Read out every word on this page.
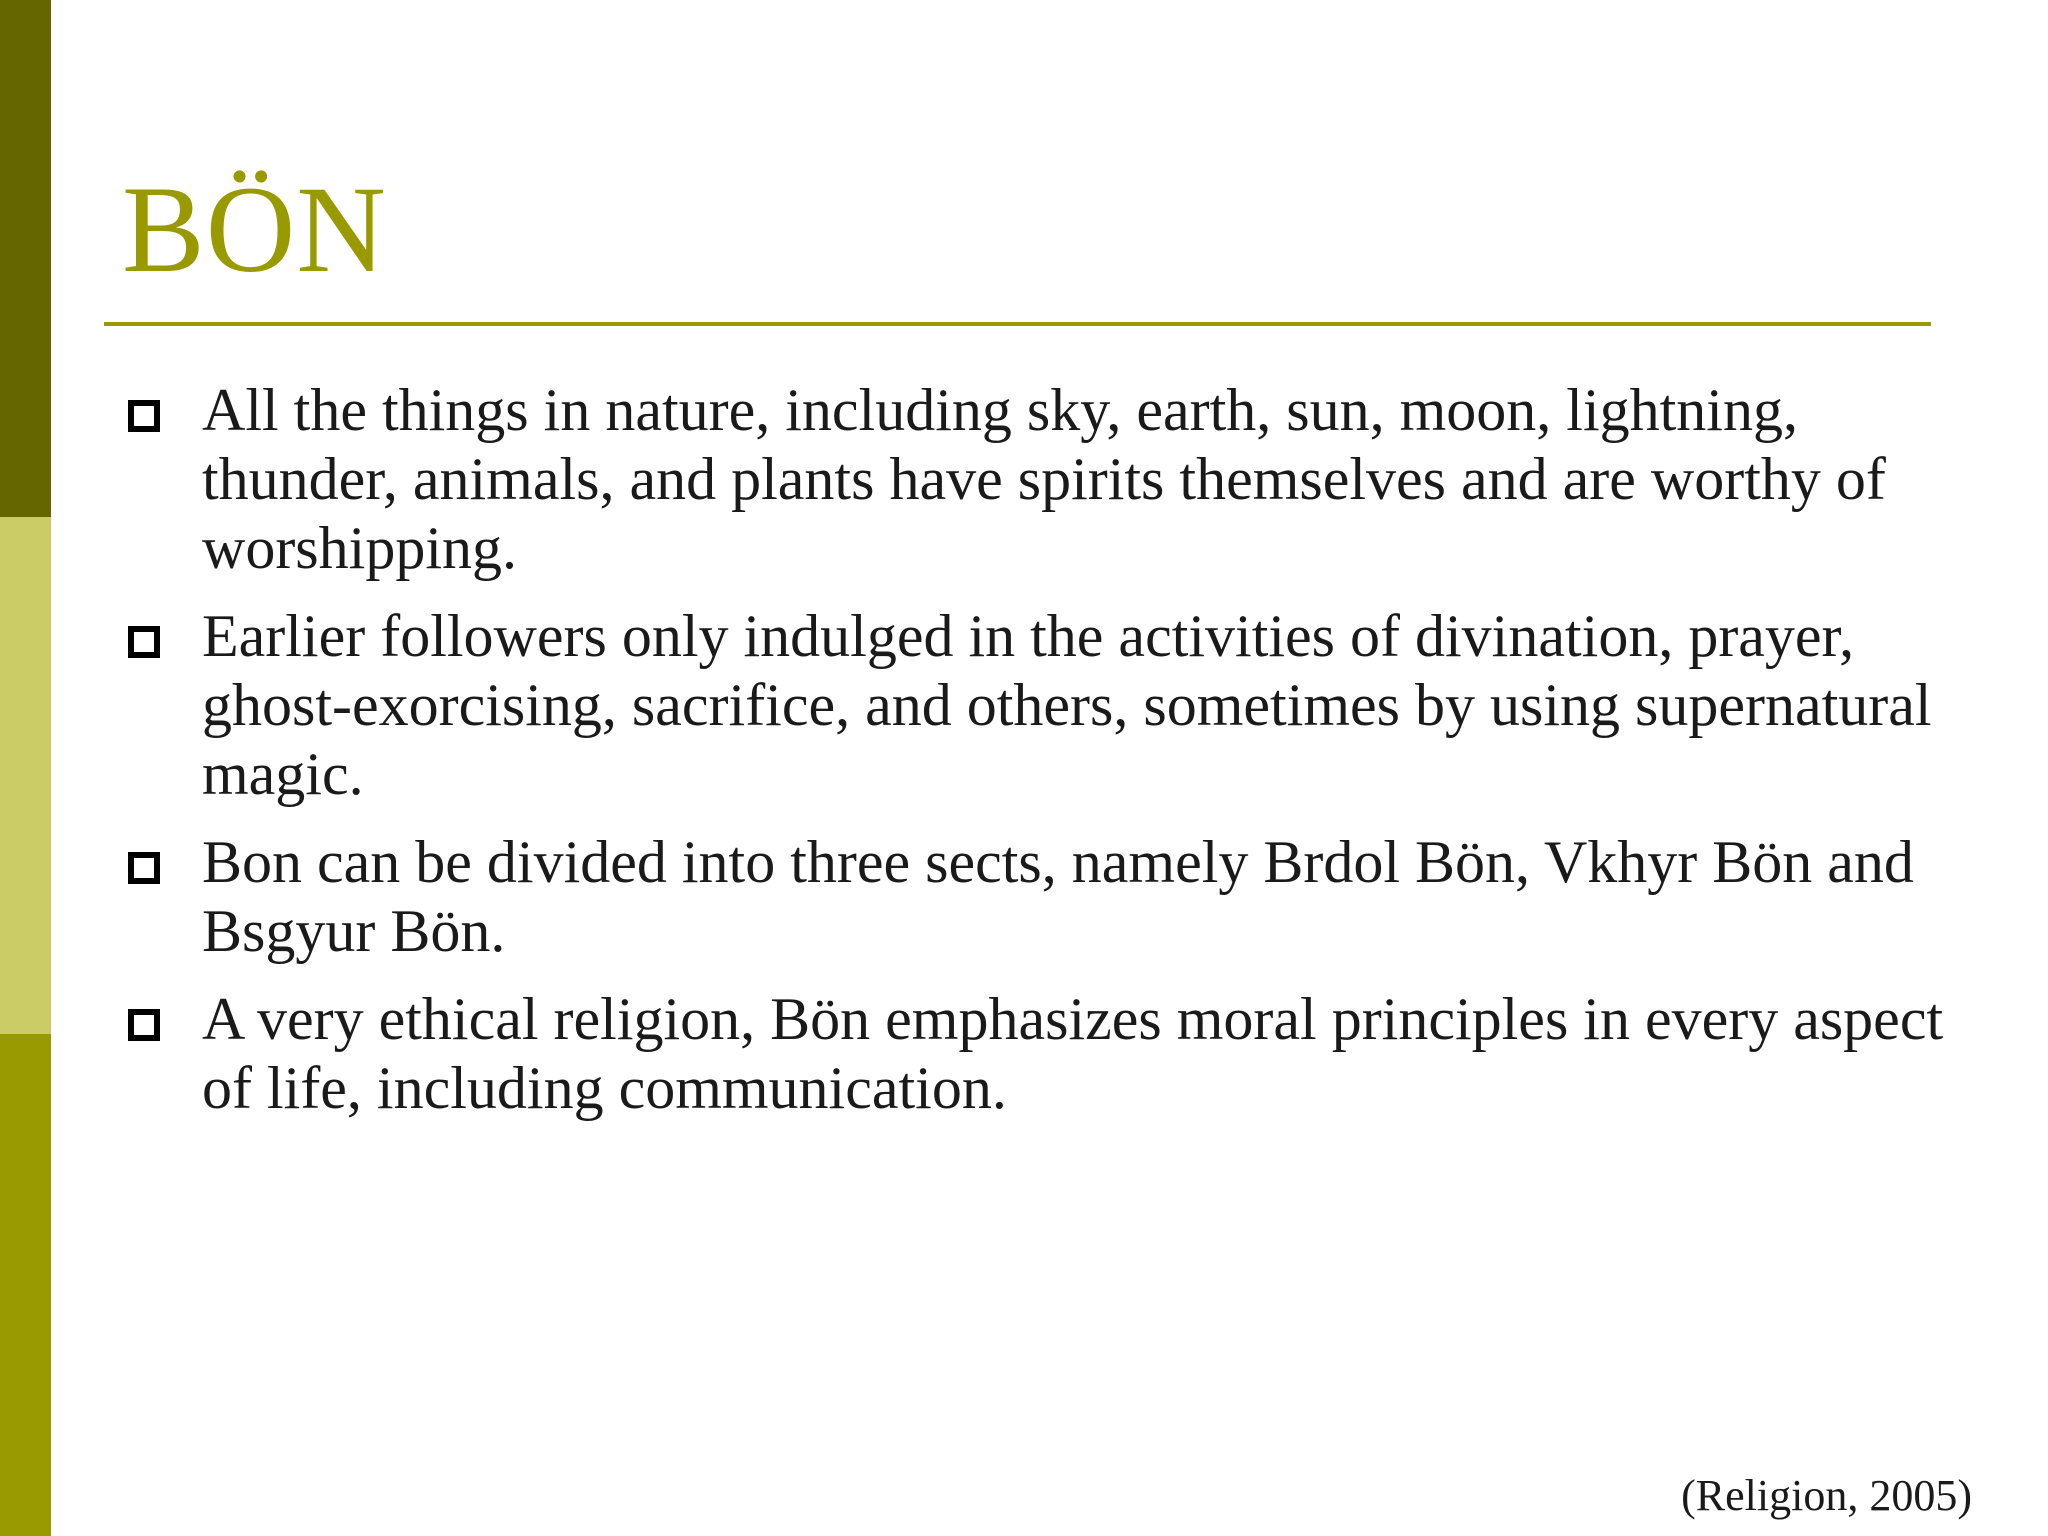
BÖN
All the things in nature, including sky, earth, sun, moon, lightning, thunder, animals, and plants have spirits themselves and are worthy of worshipping.
Earlier followers only indulged in the activities of divination, prayer, ghost-exorcising, sacrifice, and others, sometimes by using supernatural magic.
Bon can be divided into three sects, namely Brdol Bön, Vkhyr Bön and Bsgyur Bön.
A very ethical religion, Bön emphasizes moral principles in every aspect of life, including communication.
(Religion, 2005)
